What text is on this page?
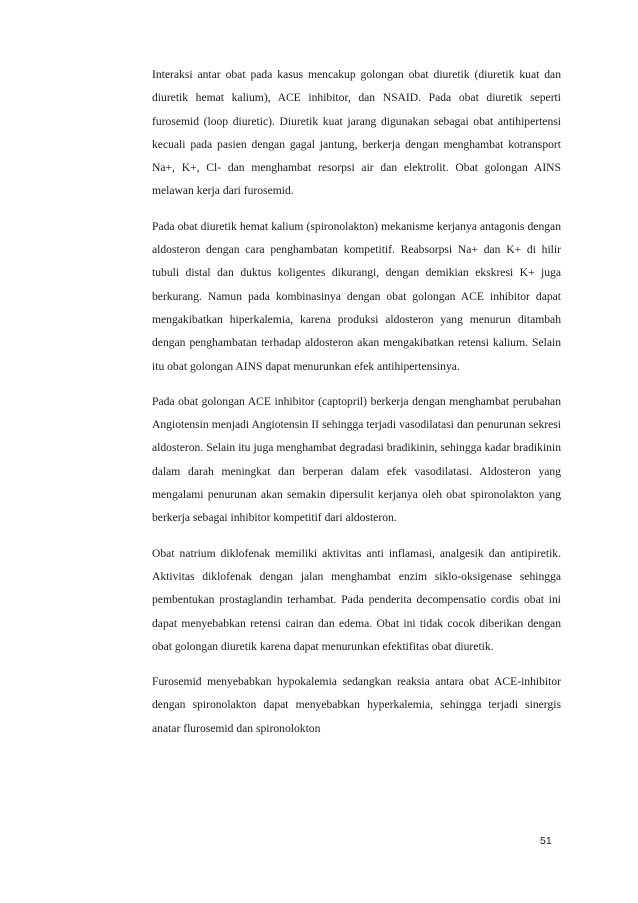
Interaksi antar obat pada kasus mencakup golongan obat diuretik (diuretik kuat dan diuretik hemat kalium), ACE inhibitor, dan NSAID. Pada obat diuretik seperti furosemid (loop diuretic). Diuretik kuat jarang digunakan sebagai obat antihipertensi kecuali pada pasien dengan gagal jantung, berkerja dengan menghambat kotransport Na+, K+, Cl- dan menghambat resorpsi air dan elektrolit. Obat golongan AINS melawan kerja dari furosemid.

Pada obat diuretik hemat kalium (spironolakton) mekanisme kerjanya antagonis dengan aldosteron dengan cara penghambatan kompetitif. Reabsorpsi Na+ dan K+ di hilir tubuli distal dan duktus koligentes dikurangi, dengan demikian ekskresi K+ juga berkurang. Namun pada kombinasinya dengan obat golongan ACE inhibitor dapat mengakibatkan hiperkalemia, karena produksi aldosteron yang menurun ditambah dengan penghambatan terhadap aldosteron akan mengakibatkan retensi kalium. Selain itu obat golongan AINS dapat menurunkan efek antihipertensinya.

Pada obat golongan ACE inhibitor (captopril) berkerja dengan menghambat perubahan Angiotensin menjadi Angiotensin II sehingga terjadi vasodilatasi dan penurunan sekresi aldosteron. Selain itu juga menghambat degradasi bradikinin, sehingga kadar bradikinin dalam darah meningkat dan berperan dalam efek vasodilatasi. Aldosteron yang mengalami penurunan akan semakin dipersulit kerjanya oleh obat spironolakton yang berkerja sebagai inhibitor kompetitif dari aldosteron.

Obat natrium diklofenak memiliki aktivitas anti inflamasi, analgesik dan antipiretik. Aktivitas diklofenak dengan jalan menghambat enzim siklo-oksigenase sehingga pembentukan prostaglandin terhambat. Pada penderita decompensatio cordis obat ini dapat menyebabkan retensi cairan dan edema. Obat ini tidak cocok diberikan dengan obat golongan diuretik karena dapat menurunkan efektifitas obat diuretik.

Furosemid menyebabkan hypokalemia sedangkan reaksia antara obat ACE-inhibitor dengan spironolakton dapat menyebabkan hyperkalemia, sehingga terjadi sinergis anatar flurosemid dan spironolokton

51
